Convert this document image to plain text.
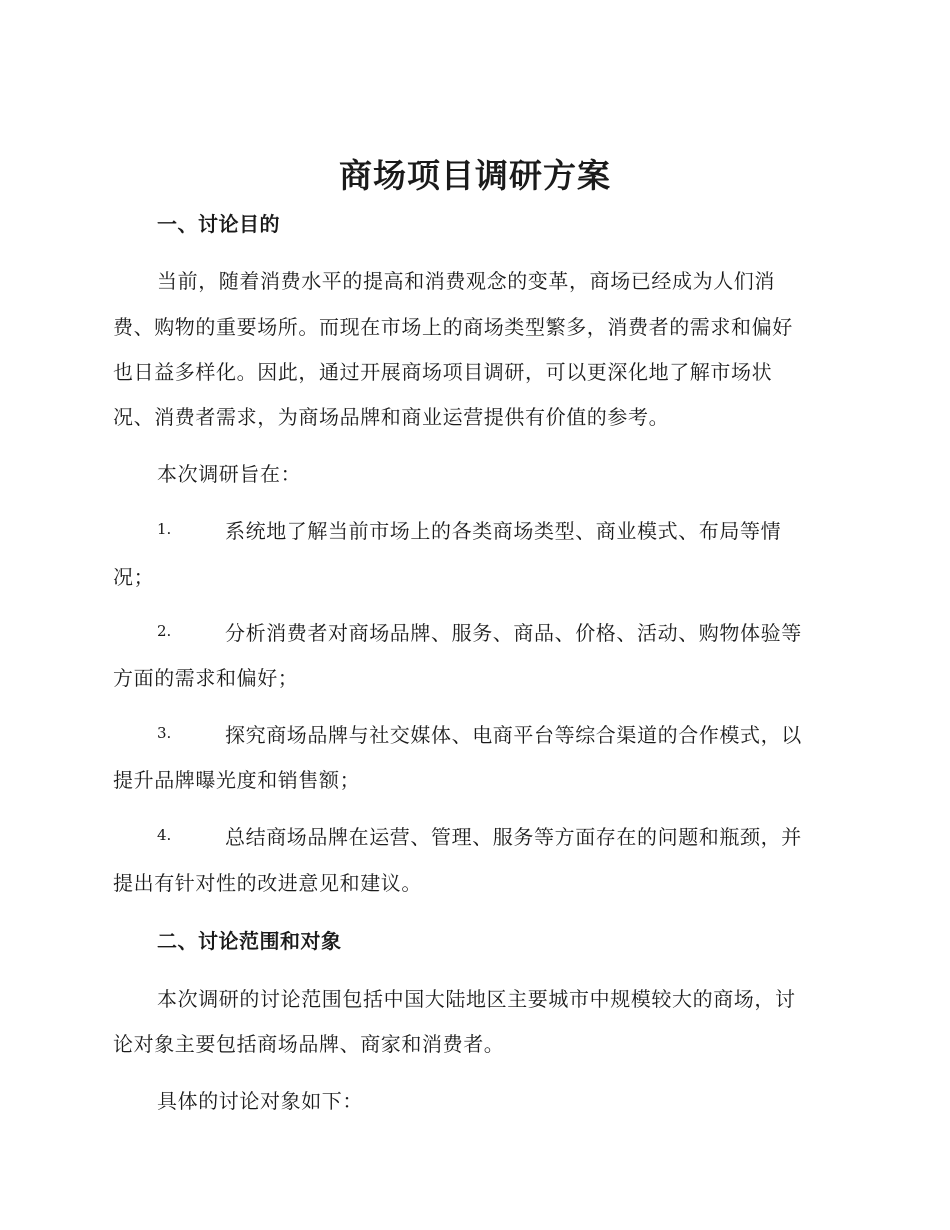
商场项目调研方案
一、讨论目的

当前，随着消费水平的提高和消费观念的变革，商场已经成为人们消

费、购物的重要场所。而现在市场上的商场类型繁多，消费者的需求和偏好

也日益多样化。因此，通过开展商场项目调研，可以更深化地了解市场状

况、消费者需求，为商场品牌和商业运营提供有价值的参考。

本次调研旨在：

1.	系统地了解当前市场上的各类商场类型、商业模式、布局等情
况；
2.	分析消费者对商场品牌、服务、商品、价格、活动、购物体验等
方面的需求和偏好；
3.	探究商场品牌与社交媒体、电商平台等综合渠道的合作模式，以
提升品牌曝光度和销售额；
4.	总结商场品牌在运营、管理、服务等方面存在的问题和瓶颈，并
提出有针对性的改进意见和建议。
二、讨论范围和对象

本次调研的讨论范围包括中国大陆地区主要城市中规模较大的商场，讨

论对象主要包括商场品牌、商家和消费者。

具体的讨论对象如下：
